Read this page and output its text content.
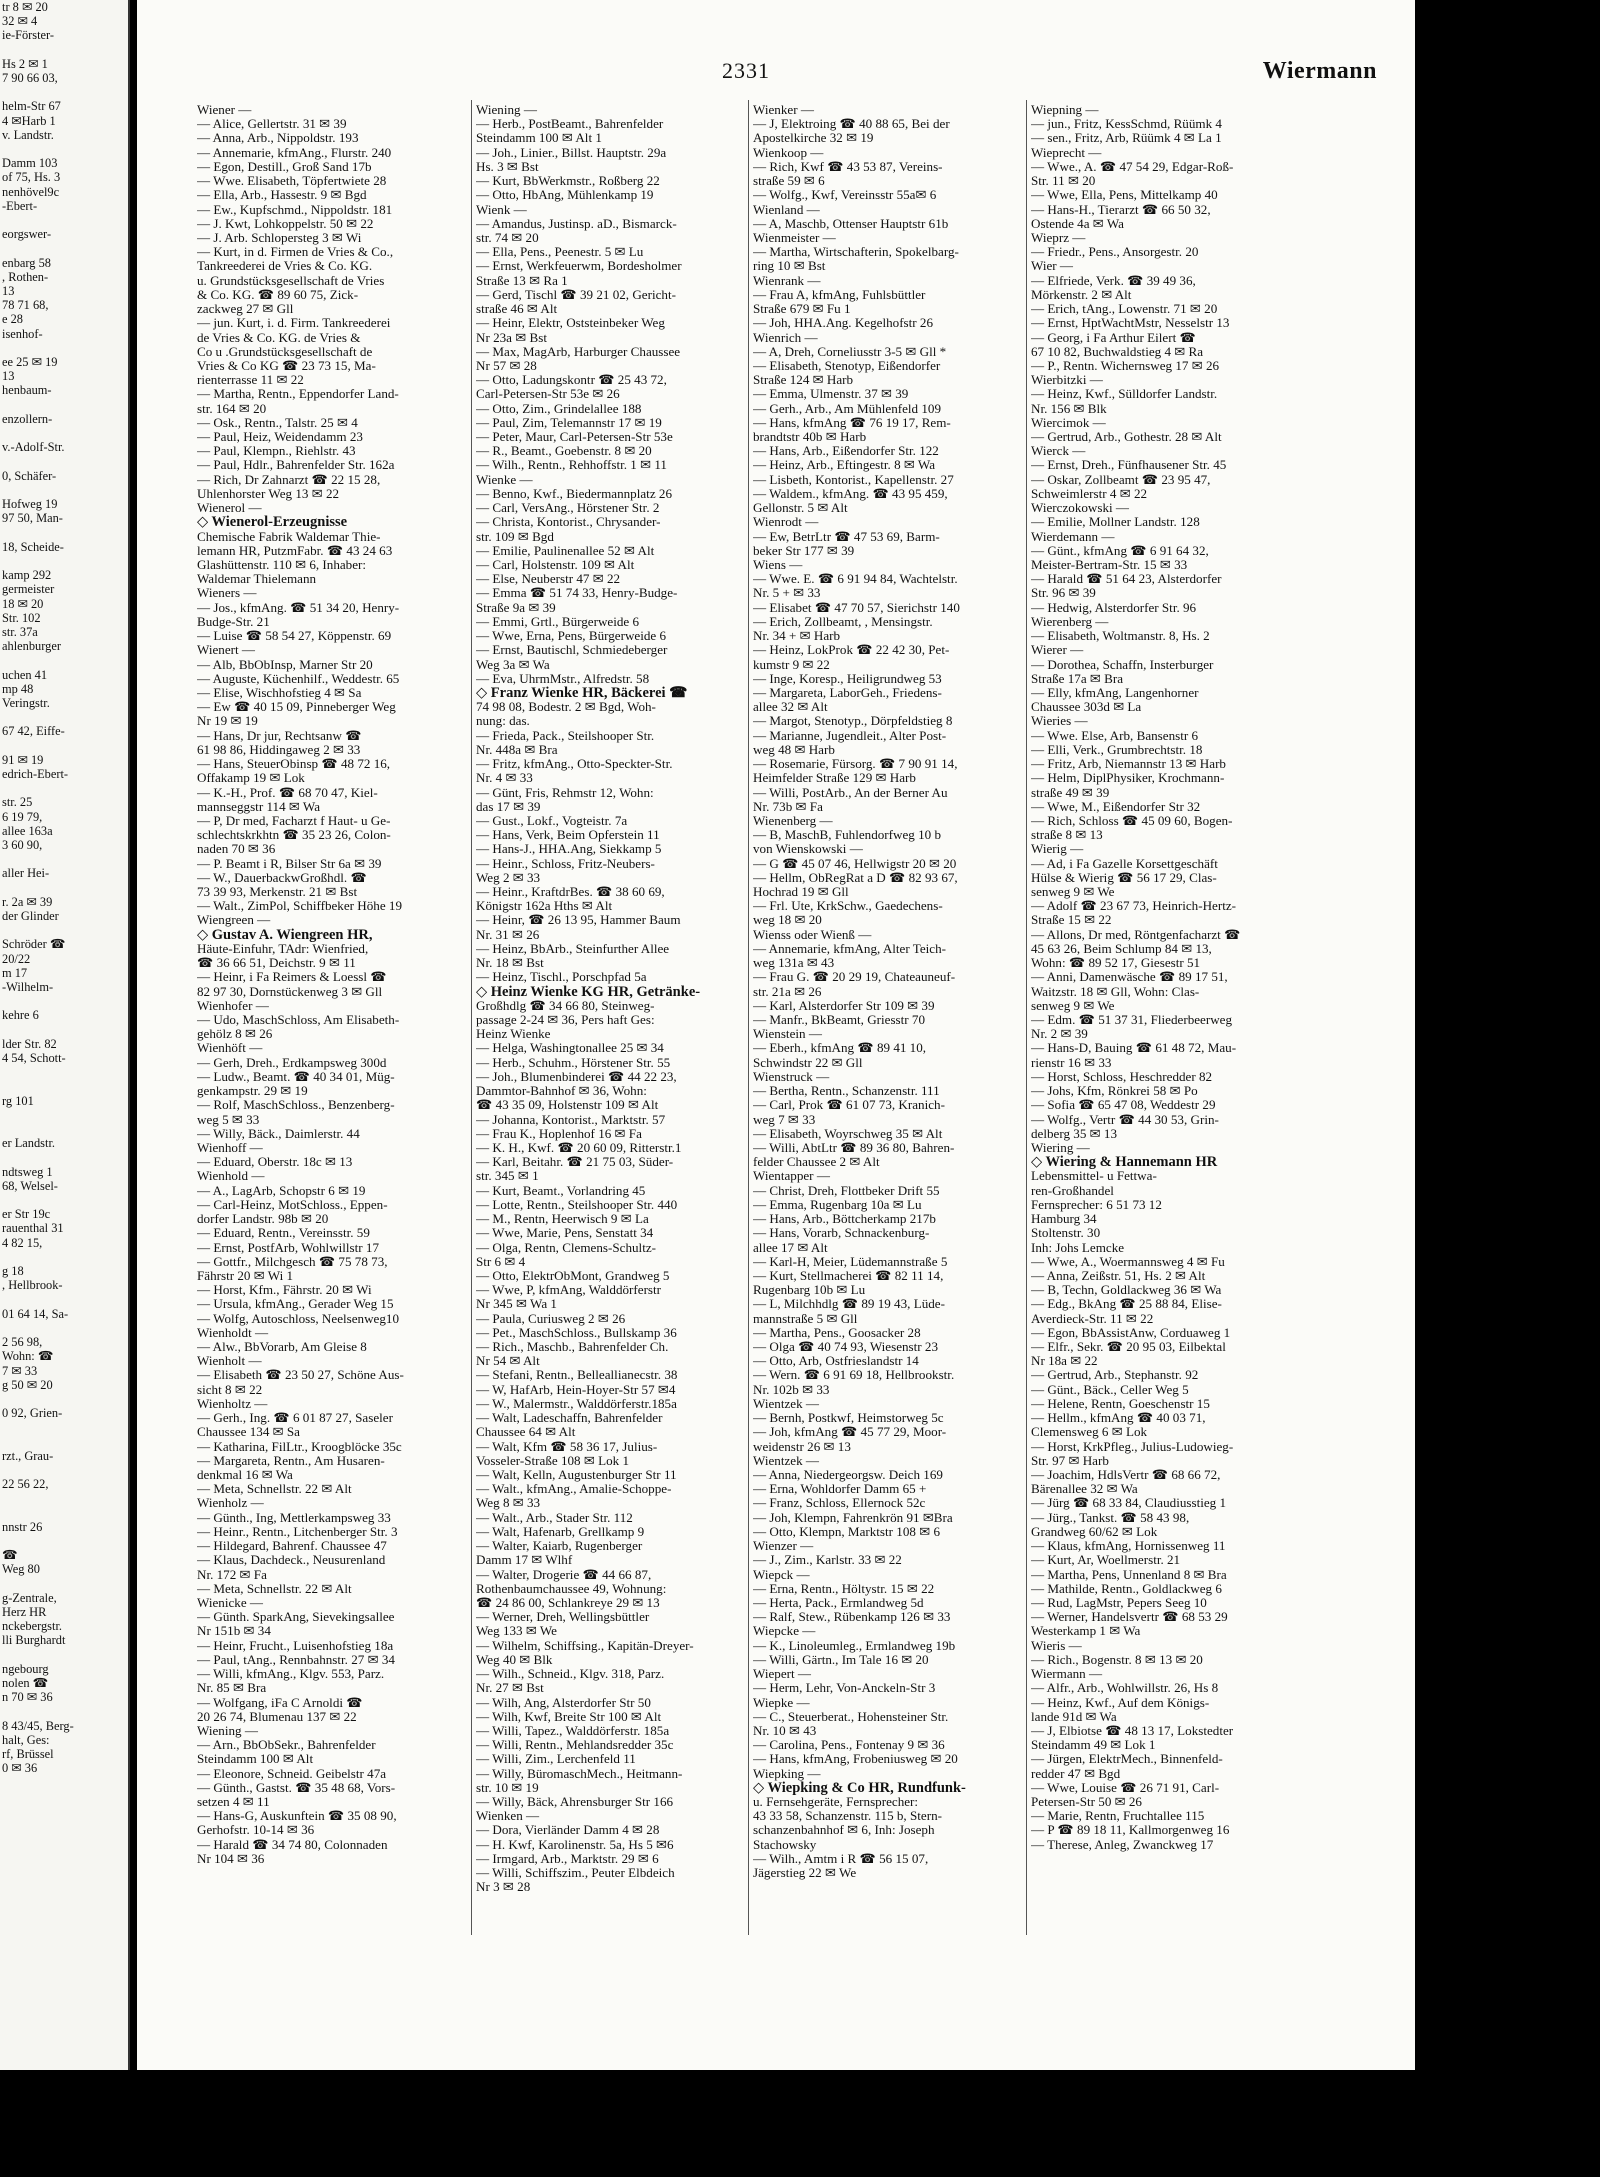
tr 8 ✉ 20
32 ✉ 4
ie-Förster-

Hs 2 ✉ 1
7 90 66 03,

helm-Str 67
4 ✉Harb 1
v. Landstr.

Damm 103
of 75, Hs. 3
nenhövel9c
-Ebert-

eorgswer-

enbarg 58
, Rothen-
13
78 71 68,
e 28
isenhof-

ee 25 ✉ 19
13
henbaum-

enzollern-

v.-Adolf-Str.

0, Schäfer-

Hofweg 19
97 50, Man-

18, Scheide-

kamp 292
germeister
18 ✉ 20
Str. 102
str. 37a
ahlenburger

uchen 41
mp 48
Veringstr.

67 42, Eiffe-

91 ✉ 19
edrich-Ebert-

str. 25
6 19 79,
allee 163a
3 60 90,

aller Hei-

r. 2a ✉ 39
der Glinder

Schröder ☎
20/22
m 17
-Wilhelm-

kehre 6

lder Str. 82
4 54, Schott-

rg 101

er Landstr.

ndtsweg 1
68, Welsel-

er Str 19c
rauenthal 31
4 82 15,

g 18
, Hellbrook-

01 64 14, Sa-

2 56 98,
Wohn: ☎
7 ✉ 33
g 50 ✉ 20

0 92, Grien-

rzt., Grau-

22 56 22,

nnstr 26

☎
Weg 80

g-Zentrale,
Herz HR
nckebergstr.
lli Burghardt

ngebourg
nolen ☎
n 70 ✉ 36

8 43/45, Berg-
halt, Ges:
rf, Brüssel
0 ✉ 36
2331	Wiermann
Wiener —
— Alice, Gellertstr. 31 ✉ 39
— Anna, Arb., Nippoldstr. 193
— Annemarie, kfmAng., Flurstr. 240
— Egon, Destill., Groß Sand 17b
— Wwe. Elisabeth, Töpfertwiete 28
— Ella, Arb., Hassestr. 9 ✉ Bgd
— Ew., Kupfschmd., Nippoldstr. 181
— J. Kwt, Lohkoppelstr. 50 ✉ 22
— J. Arb. Schlopersteg 3 ✉ Wi
— Kurt, in d. Firmen de Vries & Co.,
Tankreederei de Vries & Co. KG.
u. Grundstücksgesellschaft de Vries
& Co. KG. ☎ 89 60 75, Zick-
zackweg 27 ✉ Gll
— jun. Kurt, i. d. Firm. Tankreederei
de Vries & Co. KG. de Vries &
Co u .Grundstücksgesellschaft de
Vries & Co KG ☎ 23 73 15, Ma-
rienterrasse 11 ✉ 22
— Martha, Rentn., Eppendorfer Land-
str. 164 ✉ 20
— Osk., Rentn., Talstr. 25 ✉ 4
— Paul, Heiz, Weidendamm 23
— Paul, Klempn., Riehlstr. 43
— Paul, Hdlr., Bahrenfelder Str. 162a
— Rich, Dr Zahnarzt ☎ 22 15 28,
Uhlenhorster Weg 13 ✉ 22
Wienerol —
◇ Wienerol-Erzeugnisse
Chemische Fabrik Waldemar Thie-
lemann HR, PutzmFabr. ☎ 43 24 63
Glashüttenstr. 110 ✉ 6, Inhaber:
Waldemar Thielemann
Wieners —
— Jos., kfmAng. ☎ 51 34 20, Henry-
Budge-Str. 21
— Luise ☎ 58 54 27, Köppenstr. 69
Wienert —
— Alb, BbObInsp, Marner Str 20
— Auguste, Küchenhilf., Weddestr. 65
— Elise, Wischhofstieg 4 ✉ Sa
— Ew ☎ 40 15 09, Pinneberger Weg
Nr 19 ✉ 19
— Hans, Dr jur, Rechtsanw ☎
61 98 86, Hiddingaweg 2 ✉ 33
— Hans, SteuerObinsp ☎ 48 72 16,
Offakamp 19 ✉ Lok
— K.-H., Prof. ☎ 68 70 47, Kiel-
mannseggstr 114 ✉ Wa
— P, Dr med, Facharzt f Haut- u Ge-
schlechtskrkhtn ☎ 35 23 26, Colon-
naden 70 ✉ 36
— P. Beamt i R, Bilser Str 6a ✉ 39
— W., DauerbackwGroßhdl. ☎
73 39 93, Merkenstr. 21 ✉ Bst
— Walt., ZimPol, Schiffbeker Höhe 19
Wiengreen —
◇ Gustav A. Wiengreen HR,
Häute-Einfuhr, TAdr: Wienfried,
☎ 36 66 51, Deichstr. 9 ✉ 11
— Heinr, i Fa Reimers & Loessl ☎
82 97 30, Dornstückenweg 3 ✉ Gll
Wienhofer —
— Udo, MaschSchloss, Am Elisabeth-
gehölz 8 ✉ 26
Wienhöft —
— Gerh, Dreh., Erdkampsweg 300d
— Ludw., Beamt. ☎ 40 34 01, Müg-
genkampstr. 29 ✉ 19
— Rolf, MaschSchloss., Benzenberg-
weg 5 ✉ 33
— Willy, Bäck., Daimlerstr. 44
Wienhoff —
— Eduard, Oberstr. 18c ✉ 13
Wienhold —
— A., LagArb, Schopstr 6 ✉ 19
— Carl-Heinz, MotSchloss., Eppen-
dorfer Landstr. 98b ✉ 20
— Eduard, Rentn., Vereinsstr. 59
— Ernst, PostfArb, Wohlwillstr 17
— Gottfr., Milchgesch ☎ 75 78 73,
Fährstr 20 ✉ Wi 1
— Horst, Kfm., Fährstr. 20 ✉ Wi
— Ursula, kfmAng., Gerader Weg 15
— Wolfg, Autoschloss, Neelsenweg10
Wienholdt —
— Alw., BbVorarb, Am Gleise 8
Wienholt —
— Elisabeth ☎ 23 50 27, Schöne Aus-
sicht 8 ✉ 22
Wienholtz —
— Gerh., Ing. ☎ 6 01 87 27, Saseler
Chaussee 134 ✉ Sa
— Katharina, FilLtr., Kroogblöcke 35c
— Margareta, Rentn., Am Husaren-
denkmal 16 ✉ Wa
— Meta, Schnellstr. 22 ✉ Alt
Wienholz —
— Günth., Ing, Mettlerkampsweg 33
— Heinr., Rentn., Litchenberger Str. 3
— Hildegard, Bahrenf. Chaussee 47
— Klaus, Dachdeck., Neusurenland
Nr. 172 ✉ Fa
— Meta, Schnellstr. 22 ✉ Alt
Wienicke —
— Günth. SparkAng, Sievekingsallee
Nr 151b ✉ 34
— Heinr, Frucht., Luisenhofstieg 18a
— Paul, tAng., Rennbahnstr. 27 ✉ 34
— Willi, kfmAng., Klgv. 553, Parz.
Nr. 85 ✉ Bra
— Wolfgang, iFa C Arnoldi ☎
20 26 74, Blumenau 137 ✉ 22
Wiening —
— Arn., BbObSekr., Bahrenfelder
Steindamm 100 ✉ Alt
— Eleonore, Schneid. Geibelstr 47a
— Günth., Gastst. ☎ 35 48 68, Vors-
setzen 4 ✉ 11
— Hans-G, Auskunftein ☎ 35 08 90,
Gerhofstr. 10-14 ✉ 36
— Harald ☎ 34 74 80, Colonnaden
Nr 104 ✉ 36
Wiening —
— Herb., PostBeamt., Bahrenfelder
Steindamm 100 ✉ Alt 1
— Joh., Linier., Billst. Hauptstr. 29a
Hs. 3 ✉ Bst
— Kurt, BbWerkmstr., Roßberg 22
— Otto, HbAng, Mühlenkamp 19
Wienk —
— Amandus, Justinsp. aD., Bismarck-
str. 74 ✉ 20
— Ella, Pens., Peenestr. 5 ✉ Lu
— Ernst, Werkfeuerwm, Bordesholmer
Straße 13 ✉ Ra 1
— Gerd, Tischl ☎ 39 21 02, Gericht-
straße 46 ✉ Alt
— Heinr, Elektr, Oststeinbeker Weg
Nr 23a ✉ Bst
— Max, MagArb, Harburger Chaussee
Nr 57 ✉ 28
— Otto, Ladungskontr ☎ 25 43 72,
Carl-Petersen-Str 53e ✉ 26
— Otto, Zim., Grindelallee 188
— Paul, Zim, Telemannstr 17 ✉ 19
— Peter, Maur, Carl-Petersen-Str 53e
— R., Beamt., Goebenstr. 8 ✉ 20
— Wilh., Rentn., Rehhoffstr. 1 ✉ 11
Wienke —
— Benno, Kwf., Biedermannplatz 26
— Carl, VersAng., Hörstener Str. 2
— Christa, Kontorist., Chrysander-
str. 109 ✉ Bgd
— Emilie, Paulinenallee 52 ✉ Alt
— Carl, Holstenstr. 109 ✉ Alt
— Else, Neuberstr 47 ✉ 22
— Emma ☎ 51 74 33, Henry-Budge-
Straße 9a ✉ 39
— Emmi, Grtl., Bürgerweide 6
— Wwe, Erna, Pens, Bürgerweide 6
— Ernst, Bautischl, Schmiedeberger
Weg 3a ✉ Wa
— Eva, UhrmMstr., Alfredstr. 58
◇ Franz Wienke HR, Bäckerei ☎
74 98 08, Bodestr. 2 ✉ Bgd, Woh-
nung: das.
— Frieda, Pack., Steilshooper Str.
Nr. 448a ✉ Bra
— Fritz, kfmAng., Otto-Speckter-Str.
Nr. 4 ✉ 33
— Günt, Fris, Rehmstr 12, Wohn:
das 17 ✉ 39
— Gust., Lokf., Vogteistr. 7a
— Hans, Verk, Beim Opferstein 11
— Hans-J., HHA.Ang, Siekkamp 5
— Heinr., Schloss, Fritz-Neubers-
Weg 2 ✉ 33
— Heinr., KraftdrBes. ☎ 38 60 69,
Königstr 162a Hths ✉ Alt
— Heinr, ☎ 26 13 95, Hammer Baum
Nr. 31 ✉ 26
— Heinz, BbArb., Steinfurther Allee
Nr. 18 ✉ Bst
— Heinz, Tischl., Porschpfad 5a
◇ Heinz Wienke KG HR, Getränke-
Großhdlg ☎ 34 66 80, Steinweg-
passage 2-24 ✉ 36, Pers haft Ges:
Heinz Wienke
— Helga, Washingtonallee 25 ✉ 34
— Herb., Schuhm., Hörstener Str. 55
— Joh., Blumenbinderei ☎ 44 22 23,
Dammtor-Bahnhof ✉ 36, Wohn:
☎ 43 35 09, Holstenstr 109 ✉ Alt
— Johanna, Kontorist., Marktstr. 57
— Frau K., Hoplenhof 16 ✉ Fa
— K. H., Kwf. ☎ 20 60 09, Ritterstr.1
— Karl, Beitahr. ☎ 21 75 03, Süder-
str. 345 ✉ 1
— Kurt, Beamt., Vorlandring 45
— Lotte, Rentn., Steilshooper Str. 440
— M., Rentn, Heerwisch 9 ✉ La
— Wwe, Marie, Pens, Senstatt 34
— Olga, Rentn, Clemens-Schultz-
Str 6 ✉ 4
— Otto, ElektrObMont, Grandweg 5
— Wwe, P, kfmAng, Walddörferstr
Nr 345 ✉ Wa 1
— Paula, Curiusweg 2 ✉ 26
— Pet., MaschSchloss., Bullskamp 36
— Rich., Maschb., Bahrenfelder Ch.
Nr 54 ✉ Alt
— Stefani, Rentn., Belleallianecstr. 38
— W, HafArb, Hein-Hoyer-Str 57 ✉4
— W., Malermstr., Walddörferstr.185a
— Walt, Ladeschaffn, Bahrenfelder
Chaussee 64 ✉ Alt
— Walt, Kfm ☎ 58 36 17, Julius-
Vosseler-Straße 108 ✉ Lok 1
— Walt, Kelln, Augustenburger Str 11
— Walt., kfmAng., Amalie-Schoppe-
Weg 8 ✉ 33
— Walt., Arb., Stader Str. 112
— Walt, Hafenarb, Grellkamp 9
— Walter, Kaiarb, Rugenberger
Damm 17 ✉ Wlhf
— Walter, Drogerie ☎ 44 66 87,
Rothenbaumchaussee 49, Wohnung:
☎ 24 86 00, Schlankreye 29 ✉ 13
— Werner, Dreh, Wellingsbüttler
Weg 133 ✉ We
— Wilhelm, Schiffsing., Kapitän-Dreyer-
Weg 40 ✉ Blk
— Wilh., Schneid., Klgv. 318, Parz.
Nr. 27 ✉ Bst
— Wilh, Ang, Alsterdorfer Str 50
— Wilh, Kwf, Breite Str 100 ✉ Alt
— Willi, Tapez., Walddörferstr. 185a
— Willi, Rentn., Mehlandsredder 35c
— Willi, Zim., Lerchenfeld 11
— Willy, BüromaschMech., Heitmann-
str. 10 ✉ 19
— Willy, Bäck, Ahrensburger Str 166
Wienken —
— Dora, Vierländer Damm 4 ✉ 28
— H. Kwf, Karolinenstr. 5a, Hs 5 ✉6
— Irmgard, Arb., Marktstr. 29 ✉ 6
— Willi, Schiffszim., Peuter Elbdeich
Nr 3 ✉ 28
Wienker —
— J, Elektroing ☎ 40 88 65, Bei der
Apostelkirche 32 ✉ 19
Wienkoop —
— Rich, Kwf ☎ 43 53 87, Vereins-
straße 59 ✉ 6
— Wolfg., Kwf, Vereinsstr 55a✉ 6
Wienland —
— A, Maschb, Ottenser Hauptstr 61b
Wienmeister —
— Martha, Wirtschafterin, Spokelbarg-
ring 10 ✉ Bst
Wienrank —
— Frau A, kfmAng, Fuhlsbüttler
Straße 679 ✉ Fu 1
— Joh, HHA.Ang. Kegelhofstr 26
Wienrich —
— A, Dreh, Corneliusstr 3-5 ✉ Gll *
— Elisabeth, Stenotyp, Eißendorfer
Straße 124 ✉ Harb
— Emma, Ulmenstr. 37 ✉ 39
— Gerh., Arb., Am Mühlenfeld 109
— Hans, kfmAng ☎ 76 19 17, Rem-
brandtstr 40b ✉ Harb
— Hans, Arb., Eißendorfer Str. 122
— Heinz, Arb., Eftingestr. 8 ✉ Wa
— Lisbeth, Kontorist., Kapellenstr. 27
— Waldem., kfmAng. ☎ 43 95 459,
Gellonstr. 5 ✉ Alt
Wienrodt —
— Ew, BetrLtr ☎ 47 53 69, Barm-
beker Str 177 ✉ 39
Wiens —
— Wwe. E. ☎ 6 91 94 84, Wachtelstr.
Nr. 5 + ✉ 33
— Elisabet ☎ 47 70 57, Sierichstr 140
— Erich, Zollbeamt, , Mensingstr.
Nr. 34 + ✉ Harb
— Heinz, LokProk ☎ 22 42 30, Pet-
kumstr 9 ✉ 22
— Inge, Koresp., Heiligrundweg 53
— Margareta, LaborGeh., Friedens-
allee 32 ✉ Alt
— Margot, Stenotyp., Dörpfeldstieg 8
— Marianne, Jugendleit., Alter Post-
weg 48 ✉ Harb
— Rosemarie, Fürsorg. ☎ 7 90 91 14,
Heimfelder Straße 129 ✉ Harb
— Willi, PostArb., An der Berner Au
Nr. 73b ✉ Fa
Wienenberg —
— B, MaschB, Fuhlendorfweg 10 b
von Wienskowski —
— G ☎ 45 07 46, Hellwigstr 20 ✉ 20
— Hellm, ObRegRat a D ☎ 82 93 67,
Hochrad 19 ✉ Gll
— Frl. Ute, KrkSchw., Gaedechens-
weg 18 ✉ 20
Wienss oder Wienß —
— Annemarie, kfmAng, Alter Teich-
weg 131a ✉ 43
— Frau G. ☎ 20 29 19, Chateauneuf-
str. 21a ✉ 26
— Karl, Alsterdorfer Str 109 ✉ 39
— Manfr., BkBeamt, Griesstr 70
Wienstein —
— Eberh., kfmAng ☎ 89 41 10,
Schwindstr 22 ✉ Gll
Wienstruck —
— Bertha, Rentn., Schanzenstr. 111
— Carl, Prok ☎ 61 07 73, Kranich-
weg 7 ✉ 33
— Elisabeth, Woyrschweg 35 ✉ Alt
— Willi, AbtLtr ☎ 89 36 80, Bahren-
felder Chaussee 2 ✉ Alt
Wientapper —
— Christ, Dreh, Flottbeker Drift 55
— Emma, Rugenbarg 10a ✉ Lu
— Hans, Arb., Böttcherkamp 217b
— Hans, Vorarb, Schnackenburg-
allee 17 ✉ Alt
— Karl-H, Meier, Lüdemannstraße 5
— Kurt, Stellmacherei ☎ 82 11 14,
Rugenbarg 10b ✉ Lu
— L, Milchhdlg ☎ 89 19 43, Lüde-
mannstraße 5 ✉ Gll
— Martha, Pens., Goosacker 28
— Olga ☎ 40 74 93, Wiesenstr 23
— Otto, Arb, Ostfrieslandstr 14
— Wern. ☎ 6 91 69 18, Hellbrookstr.
Nr. 102b ✉ 33
Wientzek —
— Bernh, Postkwf, Heimstorweg 5c
— Joh, kfmAng ☎ 45 77 29, Moor-
weidenstr 26 ✉ 13
Wientzek —
— Anna, Niedergeorgsw. Deich 169
— Erna, Wohldorfer Damm 65 +
— Franz, Schloss, Ellernock 52c
— Joh, Klempn, Fahrenkrön 91 ✉Bra
— Otto, Klempn, Marktstr 108 ✉ 6
Wienzer —
— J., Zim., Karlstr. 33 ✉ 22
Wiepck —
— Erna, Rentn., Höltystr. 15 ✉ 22
— Herta, Pack., Ermlandweg 5d
— Ralf, Stew., Rübenkamp 126 ✉ 33
Wiepcke —
— K., Linoleumleg., Ermlandweg 19b
— Willi, Gärtn., Im Tale 16 ✉ 20
Wiepert —
— Herm, Lehr, Von-Anckeln-Str 3
Wiepke —
— C., Steuerberat., Hohensteiner Str.
Nr. 10 ✉ 43
— Carolina, Pens., Fontenay 9 ✉ 36
— Hans, kfmAng, Frobeniusweg ✉ 20
Wiepking —
◇ Wiepking & Co HR, Rundfunk-
u. Fernsehgeräte, Fernsprecher:
43 33 58, Schanzenstr. 115 b, Stern-
schanzenbahnhof ✉ 6, Inh: Joseph
Stachowsky
— Wilh., Amtm i R ☎ 56 15 07,
Jägerstieg 22 ✉ We
Wiepning —
— jun., Fritz, KessSchmd, Rüümk 4
— sen., Fritz, Arb, Rüümk 4 ✉ La 1
Wieprecht —
— Wwe., A. ☎ 47 54 29, Edgar-Roß-
Str. 11 ✉ 20
— Wwe, Ella, Pens, Mittelkamp 40
— Hans-H., Tierarzt ☎ 66 50 32,
Ostende 4a ✉ Wa
Wieprz —
— Friedr., Pens., Ansorgestr. 20
Wier —
— Elfriede, Verk. ☎ 39 49 36,
Mörkenstr. 2 ✉ Alt
— Erich, tAng., Lowenstr. 71 ✉ 20
— Ernst, HptWachtMstr, Nesselstr 13
— Georg, i Fa Arthur Eilert ☎
67 10 82, Buchwaldstieg 4 ✉ Ra
— P., Rentn. Wichernsweg 17 ✉ 26
Wierbitzki —
— Heinz, Kwf., Sülldorfer Landstr.
Nr. 156 ✉ Blk
Wiercimok —
— Gertrud, Arb., Gothestr. 28 ✉ Alt
Wierck —
— Ernst, Dreh., Fünfhausener Str. 45
— Oskar, Zollbeamt ☎ 23 95 47,
Schweimlerstr 4 ✉ 22
Wierczokowski —
— Emilie, Mollner Landstr. 128
Wierdemann —
— Günt., kfmAng ☎ 6 91 64 32,
Meister-Bertram-Str. 15 ✉ 33
— Harald ☎ 51 64 23, Alsterdorfer
Str. 96 ✉ 39
— Hedwig, Alsterdorfer Str. 96
Wierenberg —
— Elisabeth, Woltmanstr. 8, Hs. 2
Wierer —
— Dorothea, Schaffn, Insterburger
Straße 17a ✉ Bra
— Elly, kfmAng, Langenhorner
Chaussee 303d ✉ La
Wieries —
— Wwe. Else, Arb, Bansenstr 6
— Elli, Verk., Grumbrechtstr. 18
— Fritz, Arb, Niemannstr 13 ✉ Harb
— Helm, DiplPhysiker, Krochmann-
straße 49 ✉ 39
— Wwe, M., Eißendorfer Str 32
— Rich, Schloss ☎ 45 09 60, Bogen-
straße 8 ✉ 13
Wierig —
— Ad, i Fa Gazelle Korsettgeschäft
Hülse & Wierig ☎ 56 17 29, Clas-
senweg 9 ✉ We
— Adolf ☎ 23 67 73, Heinrich-Hertz-
Straße 15 ✉ 22
— Allons, Dr med, Röntgenfacharzt ☎
45 63 26, Beim Schlump 84 ✉ 13,
Wohn: ☎ 89 52 17, Giesestr 51
— Anni, Damenwäsche ☎ 89 17 51,
Waitzstr. 18 ✉ Gll, Wohn: Clas-
senweg 9 ✉ We
— Edm. ☎ 51 37 31, Fliederbeerweg
Nr. 2 ✉ 39
— Hans-D, Bauing ☎ 61 48 72, Mau-
rienstr 16 ✉ 33
— Horst, Schloss, Heschredder 82
— Johs, Kfm, Rönkrei 58 ✉ Po
— Sofia ☎ 65 47 08, Weddestr 29
— Wolfg., Vertr ☎ 44 30 53, Grin-
delberg 35 ✉ 13
Wiering —
◇ Wiering & Hannemann HR
Lebensmittel- u Fettwa-
ren-Großhandel
Fernsprecher: 6 51 73 12
Hamburg 34
Stoltenstr. 30
Inh: Johs Lemcke
— Wwe, A., Woermannsweg 4 ✉ Fu
— Anna, Zeißstr. 51, Hs. 2 ✉ Alt
— B, Techn, Goldlackweg 36 ✉ Wa
— Edg., BkAng ☎ 25 88 84, Elise-
Averdieck-Str. 11 ✉ 22
— Egon, BbAssistAnw, Corduaweg 1
— Elfr., Sekr. ☎ 20 95 03, Eilbektal
Nr 18a ✉ 22
— Gertrud, Arb., Stephanstr. 92
— Günt., Bäck., Celler Weg 5
— Helene, Rentn, Goeschenstr 15
— Hellm., kfmAng ☎ 40 03 71,
Clemensweg 6 ✉ Lok
— Horst, KrkPfleg., Julius-Ludowieg-
Str. 97 ✉ Harb
— Joachim, HdlsVertr ☎ 68 66 72,
Bärenallee 32 ✉ Wa
— Jürg ☎ 68 33 84, Claudiusstieg 1
— Jürg., Tankst. ☎ 58 43 98,
Grandweg 60/62 ✉ Lok
— Klaus, kfmAng, Hornissenweg 11
— Kurt, Ar, Woellmerstr. 21
— Martha, Pens, Unnenland 8 ✉ Bra
— Mathilde, Rentn., Goldlackweg 6
— Rud, LagMstr, Pepers Seeg 10
— Werner, Handelsvertr ☎ 68 53 29
Westerkamp 1 ✉ Wa
Wieris —
— Rich., Bogenstr. 8 ✉ 13 ✉ 20
Wiermann —
— Alfr., Arb., Wohlwillstr. 26, Hs 8
— Heinz, Kwf., Auf dem Königs-
lande 91d ✉ Wa
— J, Elbiotse ☎ 48 13 17, Lokstedter
Steindamm 49 ✉ Lok 1
— Jürgen, ElektrMech., Binnenfeld-
redder 47 ✉ Bgd
— Wwe, Louise ☎ 26 71 91, Carl-
Petersen-Str 50 ✉ 26
— Marie, Rentn, Fruchtallee 115
— P ☎ 89 18 11, Kallmorgenweg 16
— Therese, Anleg, Zwanckweg 17
